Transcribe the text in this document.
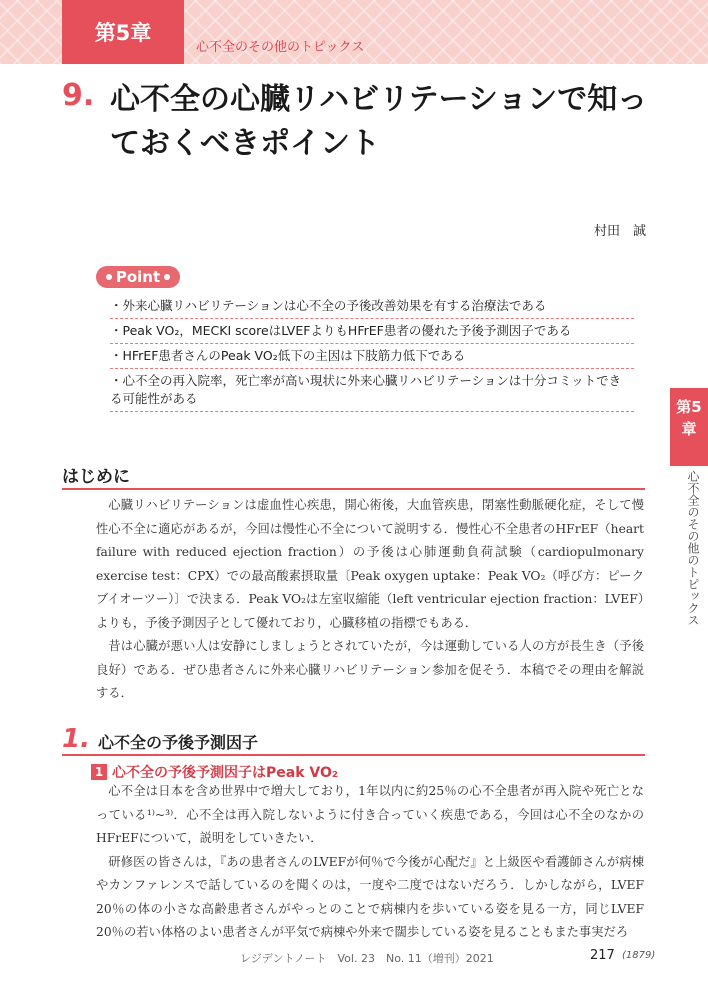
第5章
心不全のその他のトピックス
9. 心不全の心臓リハビリテーションで知っておくべきポイント
村田　誠
Point
・外来心臓リハビリテーションは心不全の予後改善効果を有する治療法である
・Peak VO₂，MECKI scoreはLVEFよりもHFrEF患者の優れた予後予測因子である
・HFrEF患者さんのPeak VO₂低下の主因は下肢筋力低下である
・心不全の再入院率，死亡率が高い現状に外来心臓リハビリテーションは十分コミットできる可能性がある
はじめに

心臓リハビリテーションは虚血性心疾患，開心術後，大血管疾患，閉塞性動脈硬化症，そして慢性心不全に適応があるが，今回は慢性心不全について説明する．慢性心不全患者のHFrEF（heart failure with reduced ejection fraction）の予後は心肺運動負荷試験（cardiopulmonary exercise test：CPX）での最高酸素摂取量〔Peak oxygen uptake：Peak VO₂（呼び方：ピークブイオーツー）〕で決まる．Peak VO₂は左室収縮能（left ventricular ejection fraction：LVEF）よりも，予後予測因子として優れており，心臓移植の指標でもある．

昔は心臓が悪い人は安静にしましょうとされていたが，今は運動している人の方が長生き（予後良好）である．ぜひ患者さんに外来心臓リハビリテーション参加を促そう．本稿でその理由を解説する．

1. 心不全の予後予測因子
1 心不全の予後予測因子はPeak VO₂

心不全は日本を含め世界中で増大しており，1年以内に約25％の心不全患者が再入院や死亡となっている¹⁾~³⁾．心不全は再入院しないように付き合っていく疾患である，今回は心不全のなかのHFrEFについて，説明をしていきたい．

研修医の皆さんは，『あの患者さんのLVEFが何％で今後が心配だ』と上級医や看護師さんが病棟やカンファレンスで話しているのを聞くのは，一度や二度ではないだろう．しかしながら，LVEF 20％の体の小さな高齢患者さんがやっとのことで病棟内を歩いている姿を見る一方，同じLVEF 20％の若い体格のよい患者さんが平気で病棟や外来で闊歩している姿を見ることもまた事実だろ

第5章
心不全のその他のトピックス
レジデントノート　Vol. 23　No. 11（増刊）2021	217 (1879)
